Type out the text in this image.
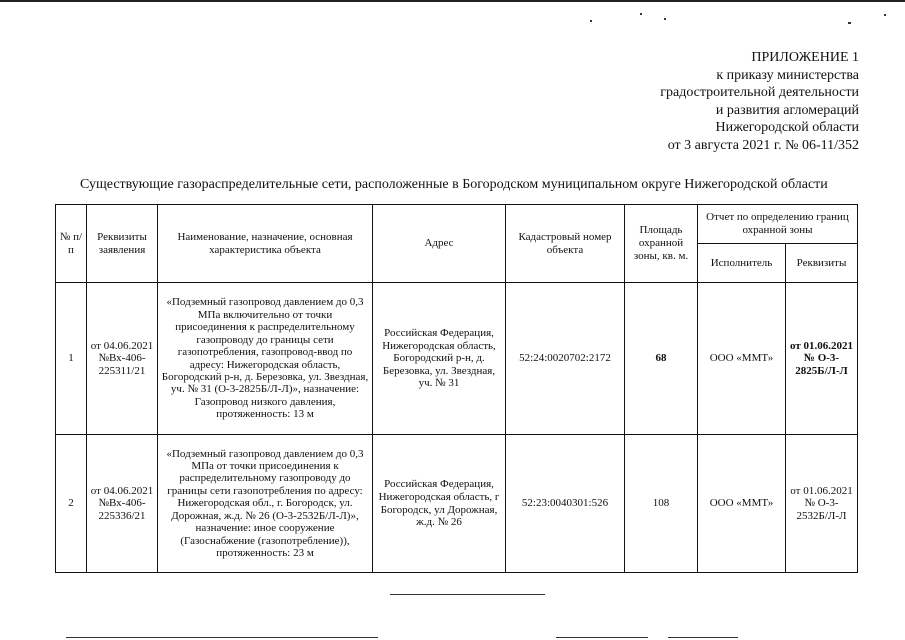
ПРИЛОЖЕНИЕ 1
к приказу министерства
градостроительной деятельности
и развития агломераций
Нижегородской области
от 3 августа 2021 г. № 06-11/352
Существующие газораспределительные сети, расположенные в Богородском муниципальном округе Нижегородской области
№ п/п	Реквизиты заявления	Наименование, назначение, основная характеристика объекта	Адрес	Кадастровый номер объекта	Площадь охранной зоны, кв. м.	Отчет по определению границ охранной зоны	
						Исполнитель	Реквизиты
1	от 04.06.2021 №Вх-406-225311/21	«Подземный газопровод давлением до 0,3 МПа включительно от точки присоединения к распределительному газопроводу до границы сети газопотребления, газопровод-ввод по адресу: Нижегородская область, Богородский р-н, д. Березовка, ул. Звездная, уч. № 31 (О-3-2825Б/Л-Л)», назначение: Газопровод низкого давления, протяженность: 13 м	Российская Федерация, Нижегородская область, Богородский р-н, д. Березовка, ул. Звездная, уч. № 31	52:24:0020702:2172	68	ООО «ММТ»	от 01.06.2021 № О-3-2825Б/Л-Л
2	от 04.06.2021 №Вх-406-225336/21	«Подземный газопровод давлением до 0,3 МПа от точки присоединения к распределительному газопроводу до границы сети газопотребления по адресу: Нижегородская обл., г. Богородск, ул. Дорожная, ж.д. № 26 (О-3-2532Б/Л-Л)», назначение: иное сооружение (Газоснабжение (газопотребление)), протяженность: 23 м	Российская Федерация, Нижегородская область, г Богородск, ул Дорожная, ж.д. № 26	52:23:0040301:526	108	ООО «ММТ»	от 01.06.2021 № О-3-2532Б/Л-Л
